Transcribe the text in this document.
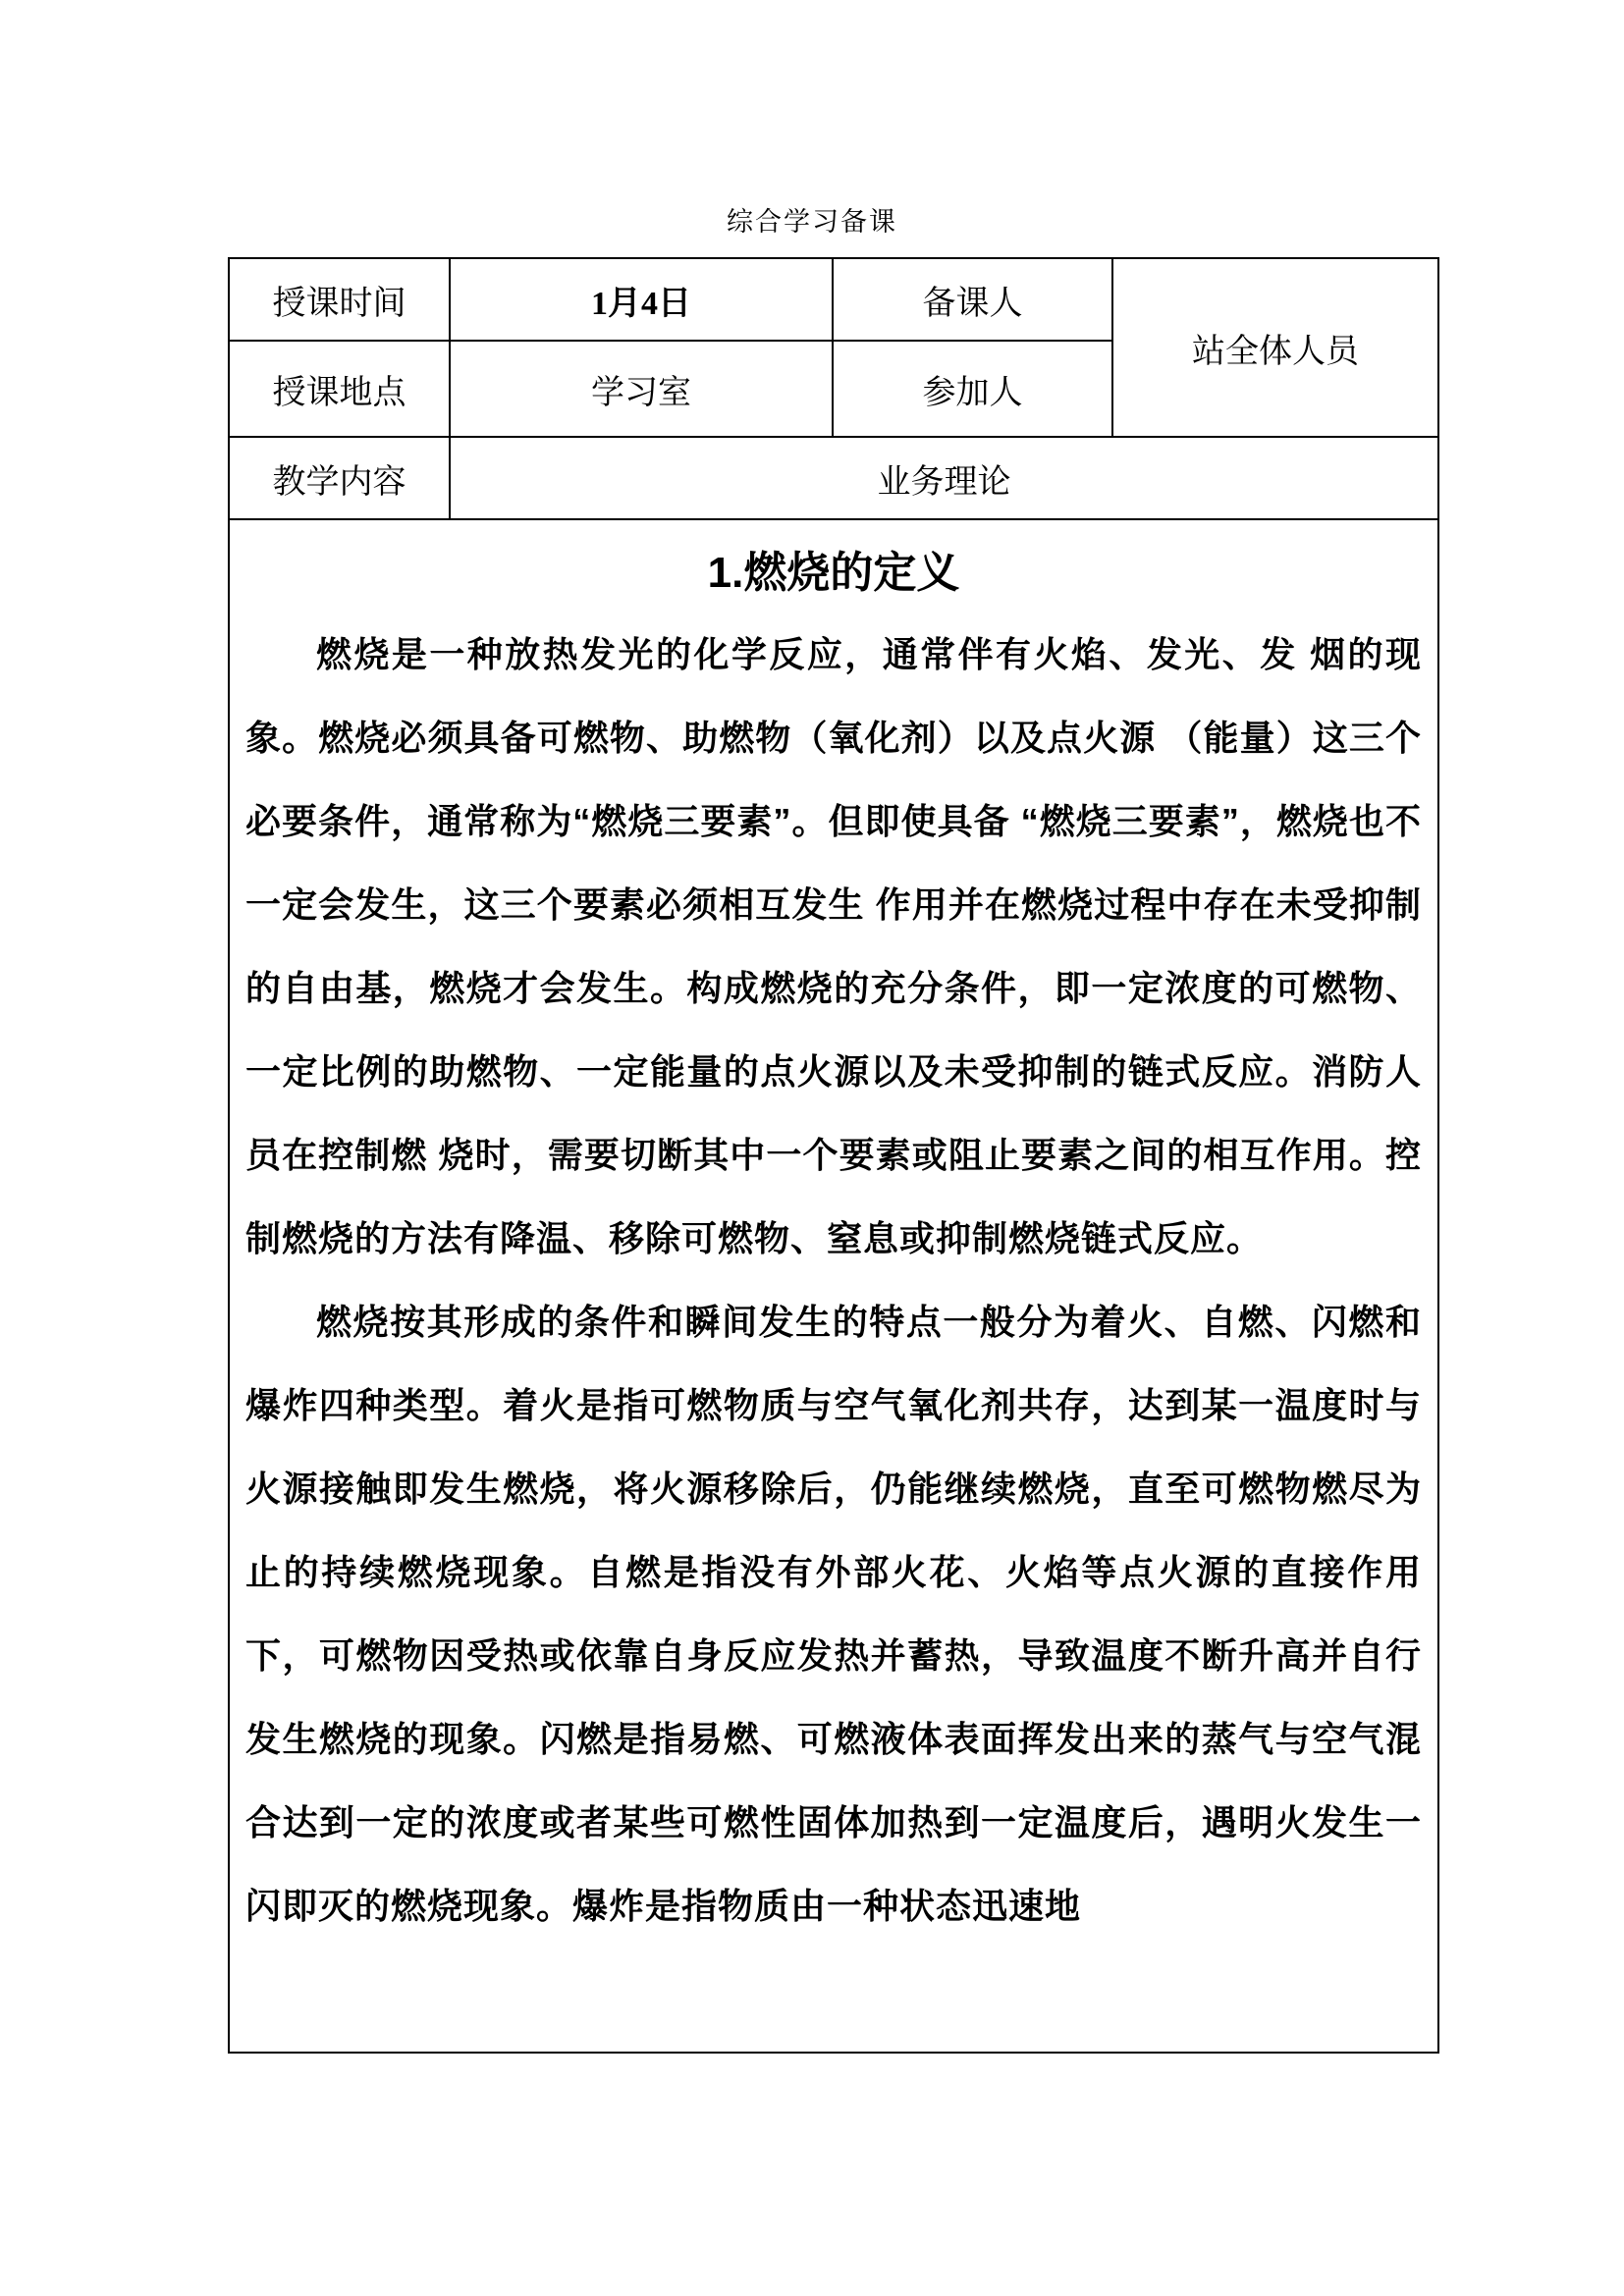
综合学习备课
授课时间	1月4日	备课人	站全体人员
授课地点	学习室	参加人	
教学内容	业务理论		

1.燃烧的定义

燃烧是一种放热发光的化学反应，通常伴有火焰、发光、发 烟的现象。燃烧必须具备可燃物、助燃物（氧化剂）以及点火源 （能量）这三个必要条件，通常称为“燃烧三要素”。但即使具备 “燃烧三要素”，燃烧也不一定会发生，这三个要素必须相互发生 作用并在燃烧过程中存在未受抑制的自由基，燃烧才会发生。构成燃烧的充分条件，即一定浓度的可燃物、一定比例的助燃物、一定能量的点火源以及未受抑制的链式反应。消防人员在控制燃 烧时，需要切断其中一个要素或阻止要素之间的相互作用。控制燃烧的方法有降温、移除可燃物、窒息或抑制燃烧链式反应。

燃烧按其形成的条件和瞬间发生的特点一般分为着火、自燃、闪燃和爆炸四种类型。着火是指可燃物质与空气氧化剂共存，达到某一温度时与火源接触即发生燃烧，将火源移除后，仍能继续燃烧，直至可燃物燃尽为止的持续燃烧现象。自燃是指没有外部火花、火焰等点火源的直接作用下，可燃物因受热或依靠自身反应发热并蓄热，导致温度不断升高并自行发生燃烧的现象。闪燃是指易燃、可燃液体表面挥发出来的蒸气与空气混合达到一定的浓度或者某些可燃性固体加热到一定温度后，遇明火发生一闪即灭的燃烧现象。爆炸是指物质由一种状态迅速地			
